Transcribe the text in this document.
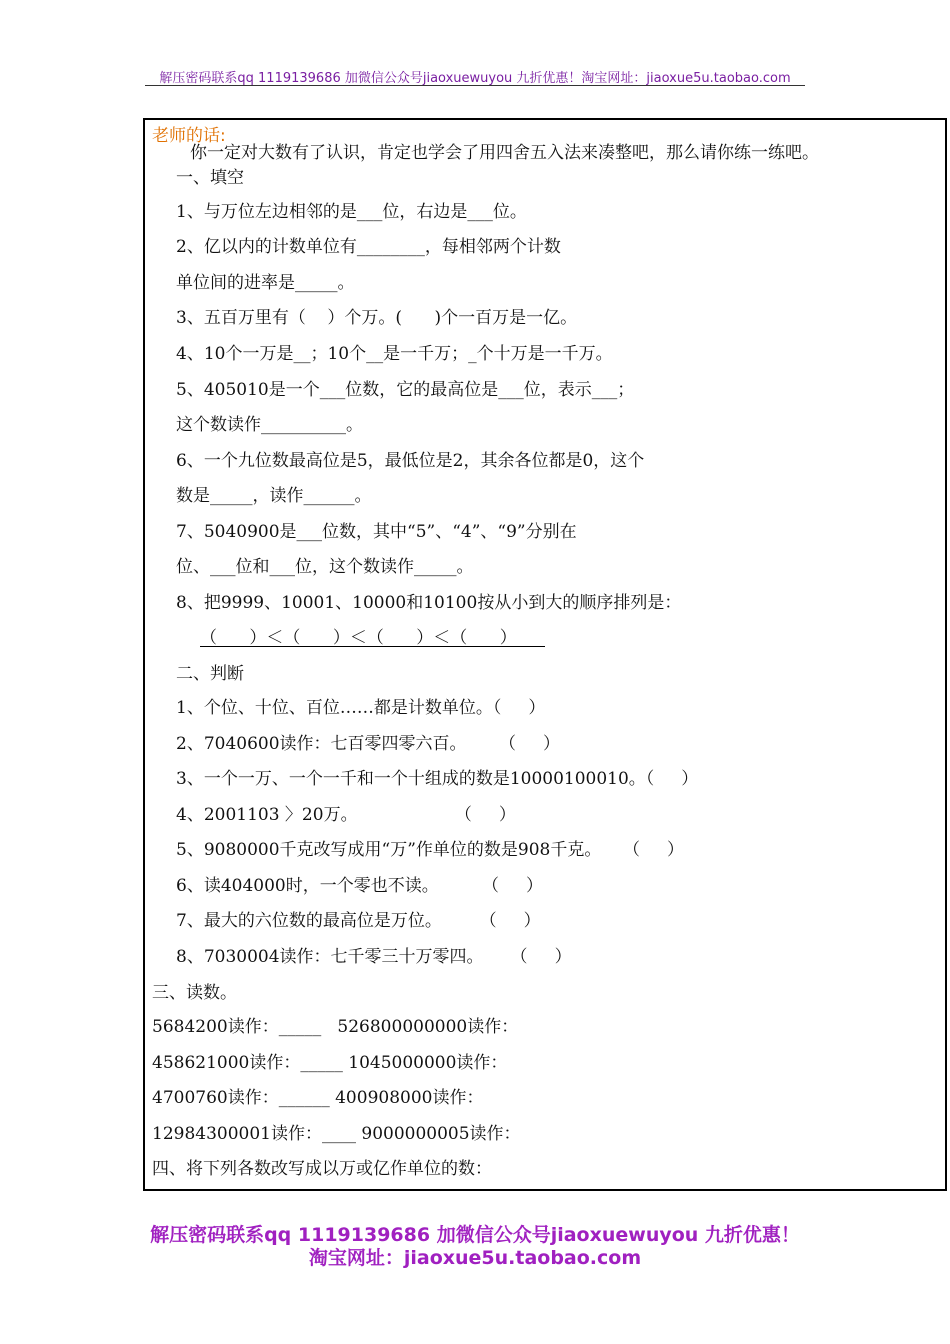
解压密码联系qq 1119139686 加微信公众号jiaoxuewuyou 九折优惠！淘宝网址：jiaoxue5u.taobao.com
老师的话:
你一定对大数有了认识，肯定也学会了用四舍五入法来凑整吧，那么请你练一练吧。
一、填空
1、与万位左边相邻的是___位，右边是___位。
2、亿以内的计数单位有________，每相邻两个计数
单位间的进率是_____。
3、五百万里有（    ）个万。(      )个一百万是一亿。
4、10个一万是__；10个__是一千万；_个十万是一千万。
5、405010是一个___位数，它的最高位是___位，表示___；
这个数读作__________。
6、一个九位数最高位是5，最低位是2，其余各位都是0，这个
数是_____，读作______。
7、5040900是___位数，其中“5”、“4”、“9”分别在
位、___位和___位，这个数读作_____。
8、把9999、10001、10000和10100按从小到大的顺序排列是：
（      ）＜（      ）＜（      ）＜（      ）
二、判断
1、个位、十位、百位……都是计数单位。（     ）
2、7040600读作：七百零四零六百。      （     ）
3、一个一万、一个一千和一个十组成的数是10000100010。（     ）
4、2001103 〉20万。                  （     ）
5、9080000千克改写成用“万”作单位的数是908千克。    （     ）
6、读404000时，一个零也不读。        （     ）
7、最大的六位数的最高位是万位。       （     ）
8、7030004读作：七千零三十万零四。     （     ）
三、读数。
5684200读作：_____   526800000000读作：
458621000读作：_____ 1045000000读作：
4700760读作：______ 400908000读作：
12984300001读作：____ 9000000005读作：
四、将下列各数改写成以万或亿作单位的数：
解压密码联系qq 1119139686 加微信公众号jiaoxuewuyou 九折优惠！
淘宝网址：jiaoxue5u.taobao.com
